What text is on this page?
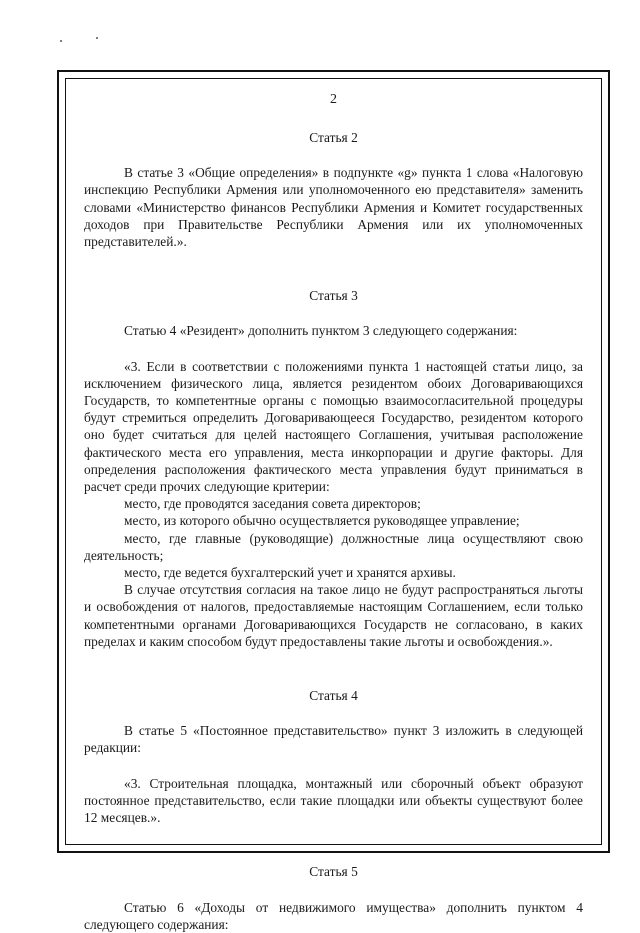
2
Статья 2

В статье 3 «Общие определения» в подпункте «g» пункта 1 слова «Налоговую инспекцию Республики Армения или уполномоченного ею представителя» заменить словами «Министерство финансов Республики Армения и Комитет государственных доходов при Правительстве Республики Армения или их уполномоченных представителей.».

Статья 3

Статью 4 «Резидент» дополнить пунктом 3 следующего содержания:

«3. Если в соответствии с положениями пункта 1 настоящей статьи лицо, за исключением физического лица, является резидентом обоих Договаривающихся Государств, то компетентные органы с помощью взаимосогласительной процедуры будут стремиться определить Договаривающееся Государство, резидентом которого оно будет считаться для целей настоящего Соглашения, учитывая расположение фактического места его управления, места инкорпорации и другие факторы. Для определения расположения фактического места управления будут приниматься в расчет среди прочих следующие критерии:

место, где проводятся заседания совета директоров;

место, из которого обычно осуществляется руководящее управление;

место, где главные (руководящие) должностные лица осуществляют свою деятельность;

место, где ведется бухгалтерский учет и хранятся архивы.

В случае отсутствия согласия на такое лицо не будут распространяться льготы и освобождения от налогов, предоставляемые настоящим Соглашением, если только компетентными органами Договаривающихся Государств не согласовано, в каких пределах и каким способом будут предоставлены такие льготы и освобождения.».

Статья 4

В статье 5 «Постоянное представительство» пункт 3 изложить в следующей редакции:

«3. Строительная площадка, монтажный или сборочный объект образуют постоянное представительство, если такие площадки или объекты существуют более 12 месяцев.».

Статья 5

Статью 6 «Доходы от недвижимого имущества» дополнить пунктом 4 следующего содержания:
